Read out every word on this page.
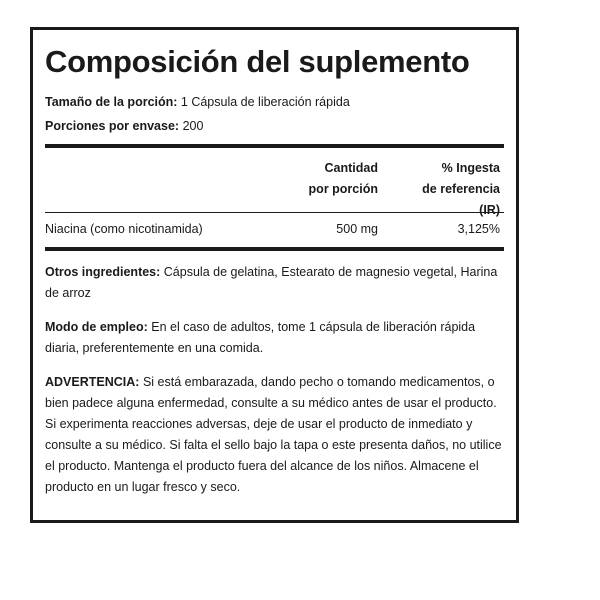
Composición del suplemento
Tamaño de la porción: 1 Cápsula de liberación rápida
Porciones por envase: 200
Cantidad
por porción
% Ingesta
de referencia
(IR)
Niacina (como nicotinamida)	500 mg	3,125%

Otros ingredientes: Cápsula de gelatina, Estearato de magnesio vegetal, Harina de arroz

Modo de empleo: En el caso de adultos, tome 1 cápsula de liberación rápida diaria, preferentemente en una comida.

ADVERTENCIA: Si está embarazada, dando pecho o tomando medicamentos, o bien padece alguna enfermedad, consulte a su médico antes de usar el producto. Si experimenta reacciones adversas, deje de usar el producto de inmediato y consulte a su médico. Si falta el sello bajo la tapa o este presenta daños, no utilice el producto. Mantenga el producto fuera del alcance de los niños. Almacene el producto en un lugar fresco y seco.
